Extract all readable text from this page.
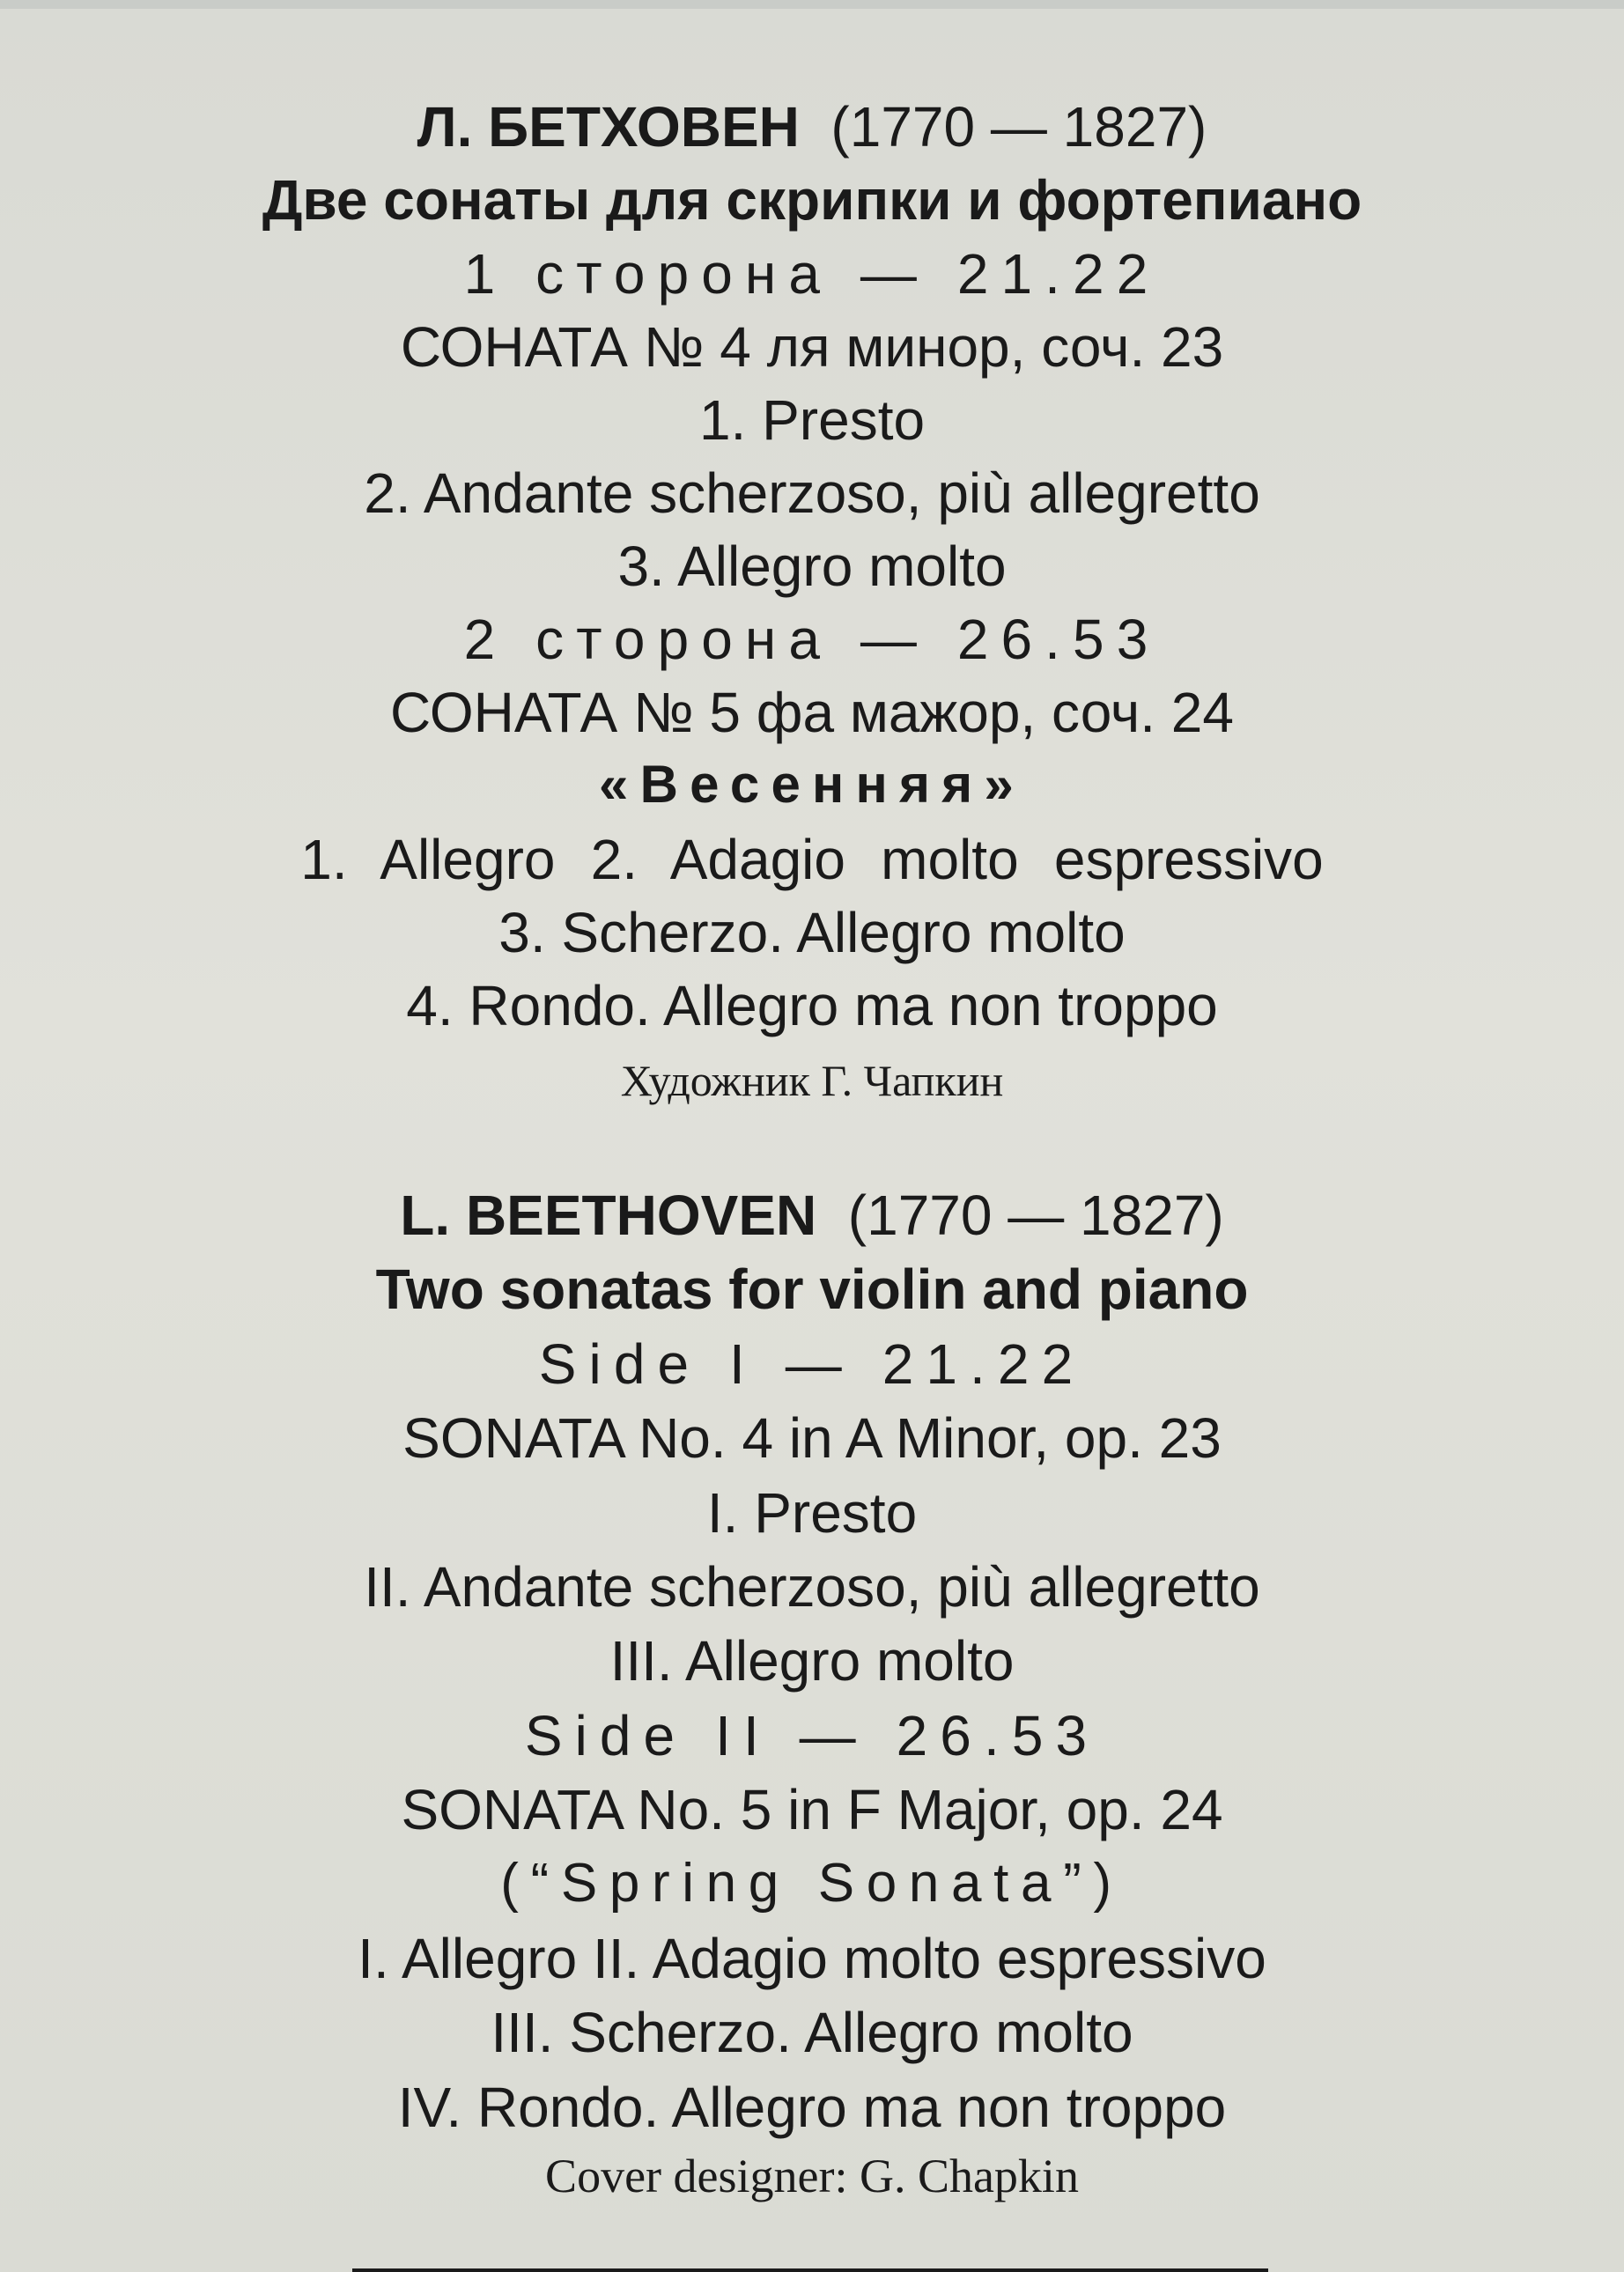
Л. БЕТХОВЕН (1770 — 1827)
Две сонаты для скрипки и фортепиано
1 сторона — 21.22
СОНАТА № 4 ля минор, соч. 23
1. Presto
2. Andante scherzoso, più allegretto
3. Allegro molto
2 сторона — 26.53
СОНАТА № 5 фа мажор, соч. 24
«Весенняя»
1. Allegro 2. Adagio molto espressivo
3. Scherzo. Allegro molto
4. Rondo. Allegro ma non troppo
Художник Г. Чапкин
L. BEETHOVEN (1770 — 1827)
Two sonatas for violin and piano
Side I — 21.22
SONATA No. 4 in A Minor, op. 23
I. Presto
II. Andante scherzoso, più allegretto
III. Allegro molto
Side II — 26.53
SONATA No. 5 in F Major, op. 24
(“Spring Sonata”)
I. Allegro II. Adagio molto espressivo
III. Scherzo. Allegro molto
IV. Rondo. Allegro ma non troppo
Cover designer: G. Chapkin
